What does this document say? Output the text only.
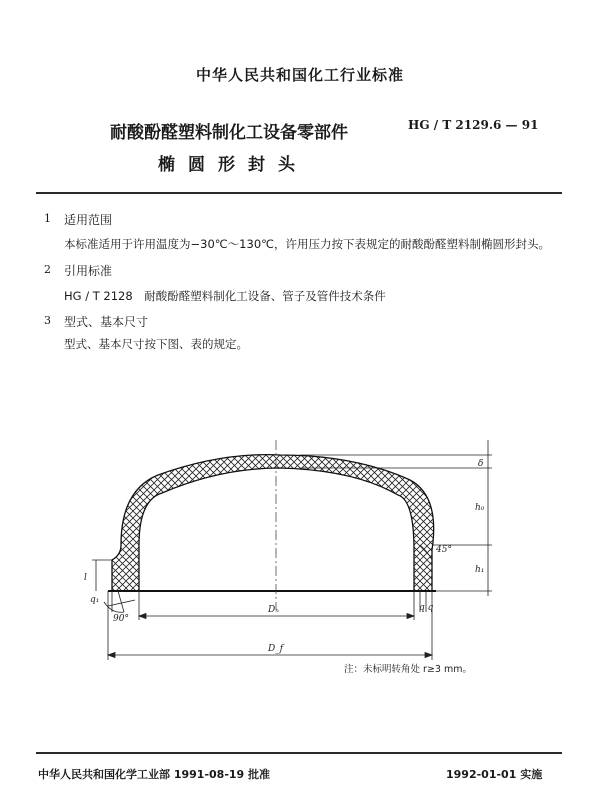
中华人民共和国化工行业标准
耐酸酚醛塑料制化工设备零部件	HG / T 2129.6 — 91
椭圆形封头
1 适用范围
本标准适用于许用温度为−30℃～130℃，许用压力按下表规定的耐酸酚醛塑料制椭圆形封头。
2 引用标准
HG / T 2128　耐酸酚醛塑料制化工设备、管子及管件技术条件
3 型式、基本尺寸
型式、基本尺寸按下图、表的规定。
δ
h₀
h₁
l
45°
90°
q₁
q q
Dₙ
D_f
注：未标明转角处 r≥3 mm。
中华人民共和国化学工业部 1991-08-19 批准	1992-01-01 实施
